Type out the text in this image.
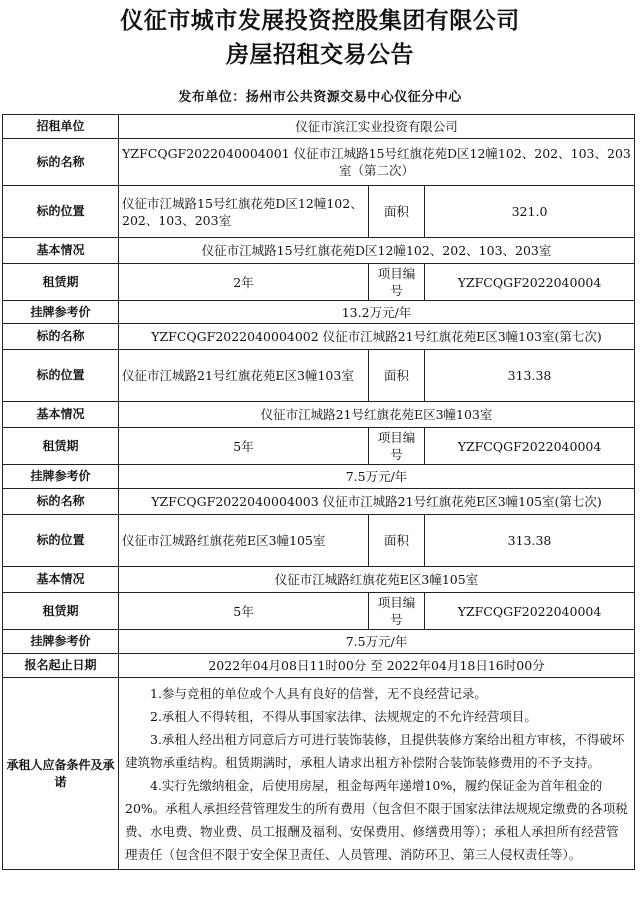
仪征市城市发展投资控股集团有限公司
房屋招租交易公告
发布单位：扬州市公共资源交易中心仪征分中心
招租单位	仪征市滨江实业投资有限公司		
标的名称	YZFCQGF2022040004001 仪征市江城路15号红旗花苑D区12幢102、202、103、203室（第二次）		
标的位置	仪征市江城路15号红旗花苑D区12幢102、202、103、203室	面积	321.0
基本情况	仪征市江城路15号红旗花苑D区12幢102、202、103、203室		
租赁期	2年	项目编号	YZFCQGF2022040004
挂牌参考价	13.2万元/年		
标的名称	YZFCQGF2022040004002 仪征市江城路21号红旗花苑E区3幢103室(第七次)		
标的位置	仪征市江城路21号红旗花苑E区3幢103室	面积	313.38
基本情况	仪征市江城路21号红旗花苑E区3幢103室		
租赁期	5年	项目编号	YZFCQGF2022040004
挂牌参考价	7.5万元/年		
标的名称	YZFCQGF2022040004003 仪征市江城路21号红旗花苑E区3幢105室(第七次)		
标的位置	仪征市江城路红旗花苑E区3幢105室	面积	313.38
基本情况	仪征市江城路红旗花苑E区3幢105室		
租赁期	5年	项目编号	YZFCQGF2022040004
挂牌参考价	7.5万元/年		
报名起止日期	2022年04月08日11时00分 至 2022年04月18日16时00分		
承租人应备条件及承诺	1.参与竞租的单位或个人具有良好的信誉，无不良经营记录。

2.承租人不得转租，不得从事国家法律、法规规定的不允许经营项目。

3.承租人经出租方同意后方可进行装饰装修，且提供装修方案给出租方审核，不得破坏建筑物承重结构。租赁期满时，承租人请求出租方补偿附合装饰装修费用的不予支持。

4.实行先缴纳租金，后使用房屋，租金每两年递增10%，履约保证金为首年租金的20%。承租人承担经营管理发生的所有费用（包含但不限于国家法律法规规定缴费的各项税费、水电费、物业费、员工报酬及福利、安保费用、修缮费用等）；承租人承担所有经营管理责任（包含但不限于安全保卫责任、人员管理、消防环卫、第三人侵权责任等）。		
